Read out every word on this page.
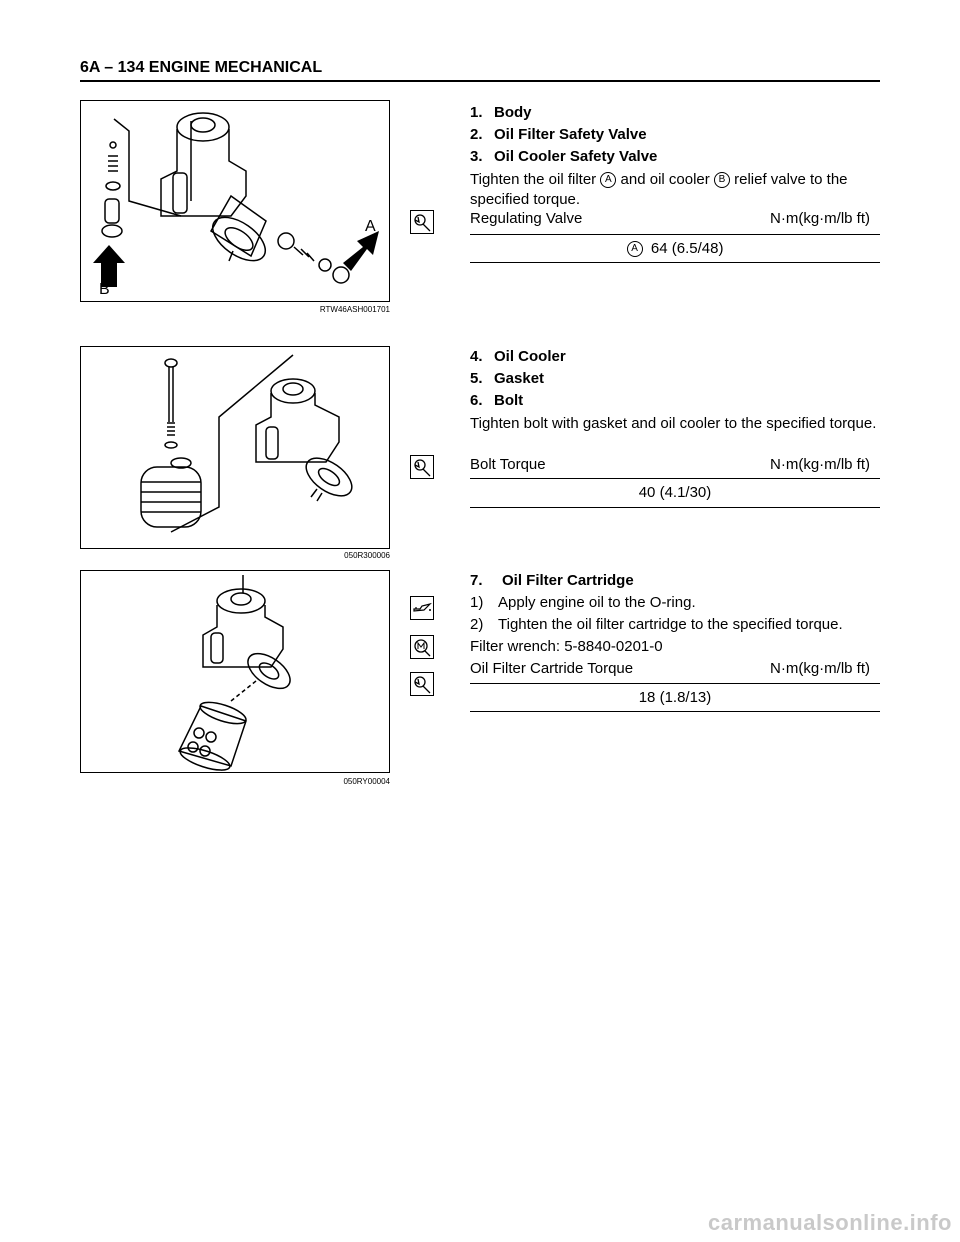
6A – 134 ENGINE MECHANICAL
A
B
RTW46ASH001701
1. Body
2. Oil Filter Safety Valve
3. Oil Cooler Safety Valve
Tighten the oil filter A and oil cooler B relief valve to the specified torque.
Regulating Valve	N·m(kg·m/lb ft)
A 64 (6.5/48)
050R300006
4. Oil Cooler
5. Gasket
6. Bolt
Tighten bolt with gasket and oil cooler to the specified torque.
Bolt Torque	N·m(kg·m/lb ft)
40 (4.1/30)
050RY00004
7. Oil Filter Cartridge
1) Apply engine oil to the O-ring.
2) Tighten the oil filter cartridge to the specified torque.
Filter wrench: 5-8840-0201-0
Oil Filter Cartride Torque	N·m(kg·m/lb ft)
18 (1.8/13)
carmanualsonline.info
